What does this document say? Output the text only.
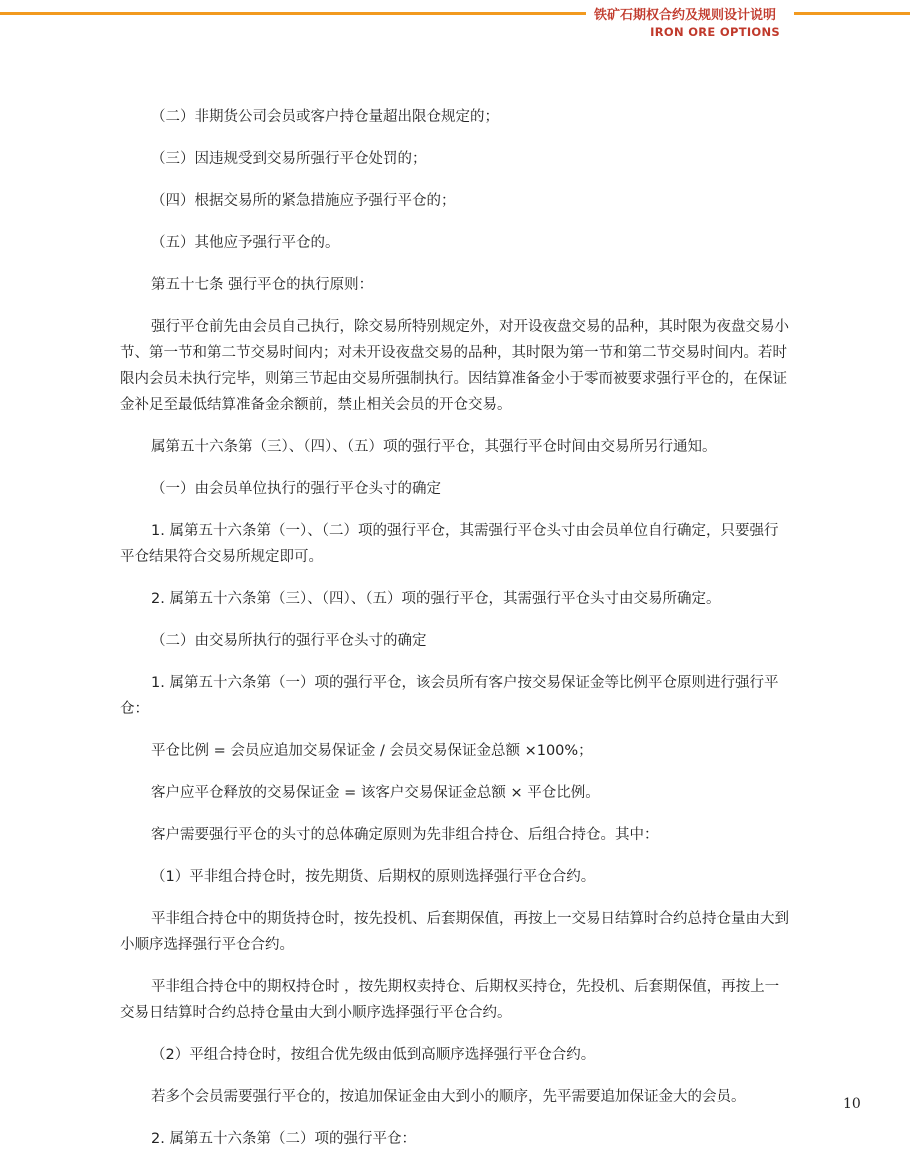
铁矿石期权合约及规则设计说明
IRON ORE OPTIONS

（二）非期货公司会员或客户持仓量超出限仓规定的；

（三）因违规受到交易所强行平仓处罚的；

（四）根据交易所的紧急措施应予强行平仓的；

（五）其他应予强行平仓的。

第五十七条 强行平仓的执行原则：

强行平仓前先由会员自己执行，除交易所特别规定外，对开设夜盘交易的品种，其时限为夜盘交易小节、第一节和第二节交易时间内；对未开设夜盘交易的品种，其时限为第一节和第二节交易时间内。若时限内会员未执行完毕，则第三节起由交易所强制执行。因结算准备金小于零而被要求强行平仓的，在保证金补足至最低结算准备金余额前，禁止相关会员的开仓交易。

属第五十六条第（三）、（四）、（五）项的强行平仓，其强行平仓时间由交易所另行通知。

（一）由会员单位执行的强行平仓头寸的确定

1. 属第五十六条第（一）、（二）项的强行平仓，其需强行平仓头寸由会员单位自行确定，只要强行平仓结果符合交易所规定即可。

2. 属第五十六条第（三）、（四）、（五）项的强行平仓，其需强行平仓头寸由交易所确定。

（二）由交易所执行的强行平仓头寸的确定

1. 属第五十六条第（一）项的强行平仓，该会员所有客户按交易保证金等比例平仓原则进行强行平仓：

平仓比例 = 会员应追加交易保证金 / 会员交易保证金总额 ×100%；

客户应平仓释放的交易保证金 = 该客户交易保证金总额 × 平仓比例。

客户需要强行平仓的头寸的总体确定原则为先非组合持仓、后组合持仓。其中：

（1）平非组合持仓时，按先期货、后期权的原则选择强行平仓合约。

平非组合持仓中的期货持仓时，按先投机、后套期保值，再按上一交易日结算时合约总持仓量由大到小顺序选择强行平仓合约。

平非组合持仓中的期权持仓时 ，按先期权卖持仓、后期权买持仓，先投机、后套期保值，再按上一交易日结算时合约总持仓量由大到小顺序选择强行平仓合约。

（2）平组合持仓时，按组合优先级由低到高顺序选择强行平仓合约。

若多个会员需要强行平仓的，按追加保证金由大到小的顺序，先平需要追加保证金大的会员。

2. 属第五十六条第（二）项的强行平仓：

10
